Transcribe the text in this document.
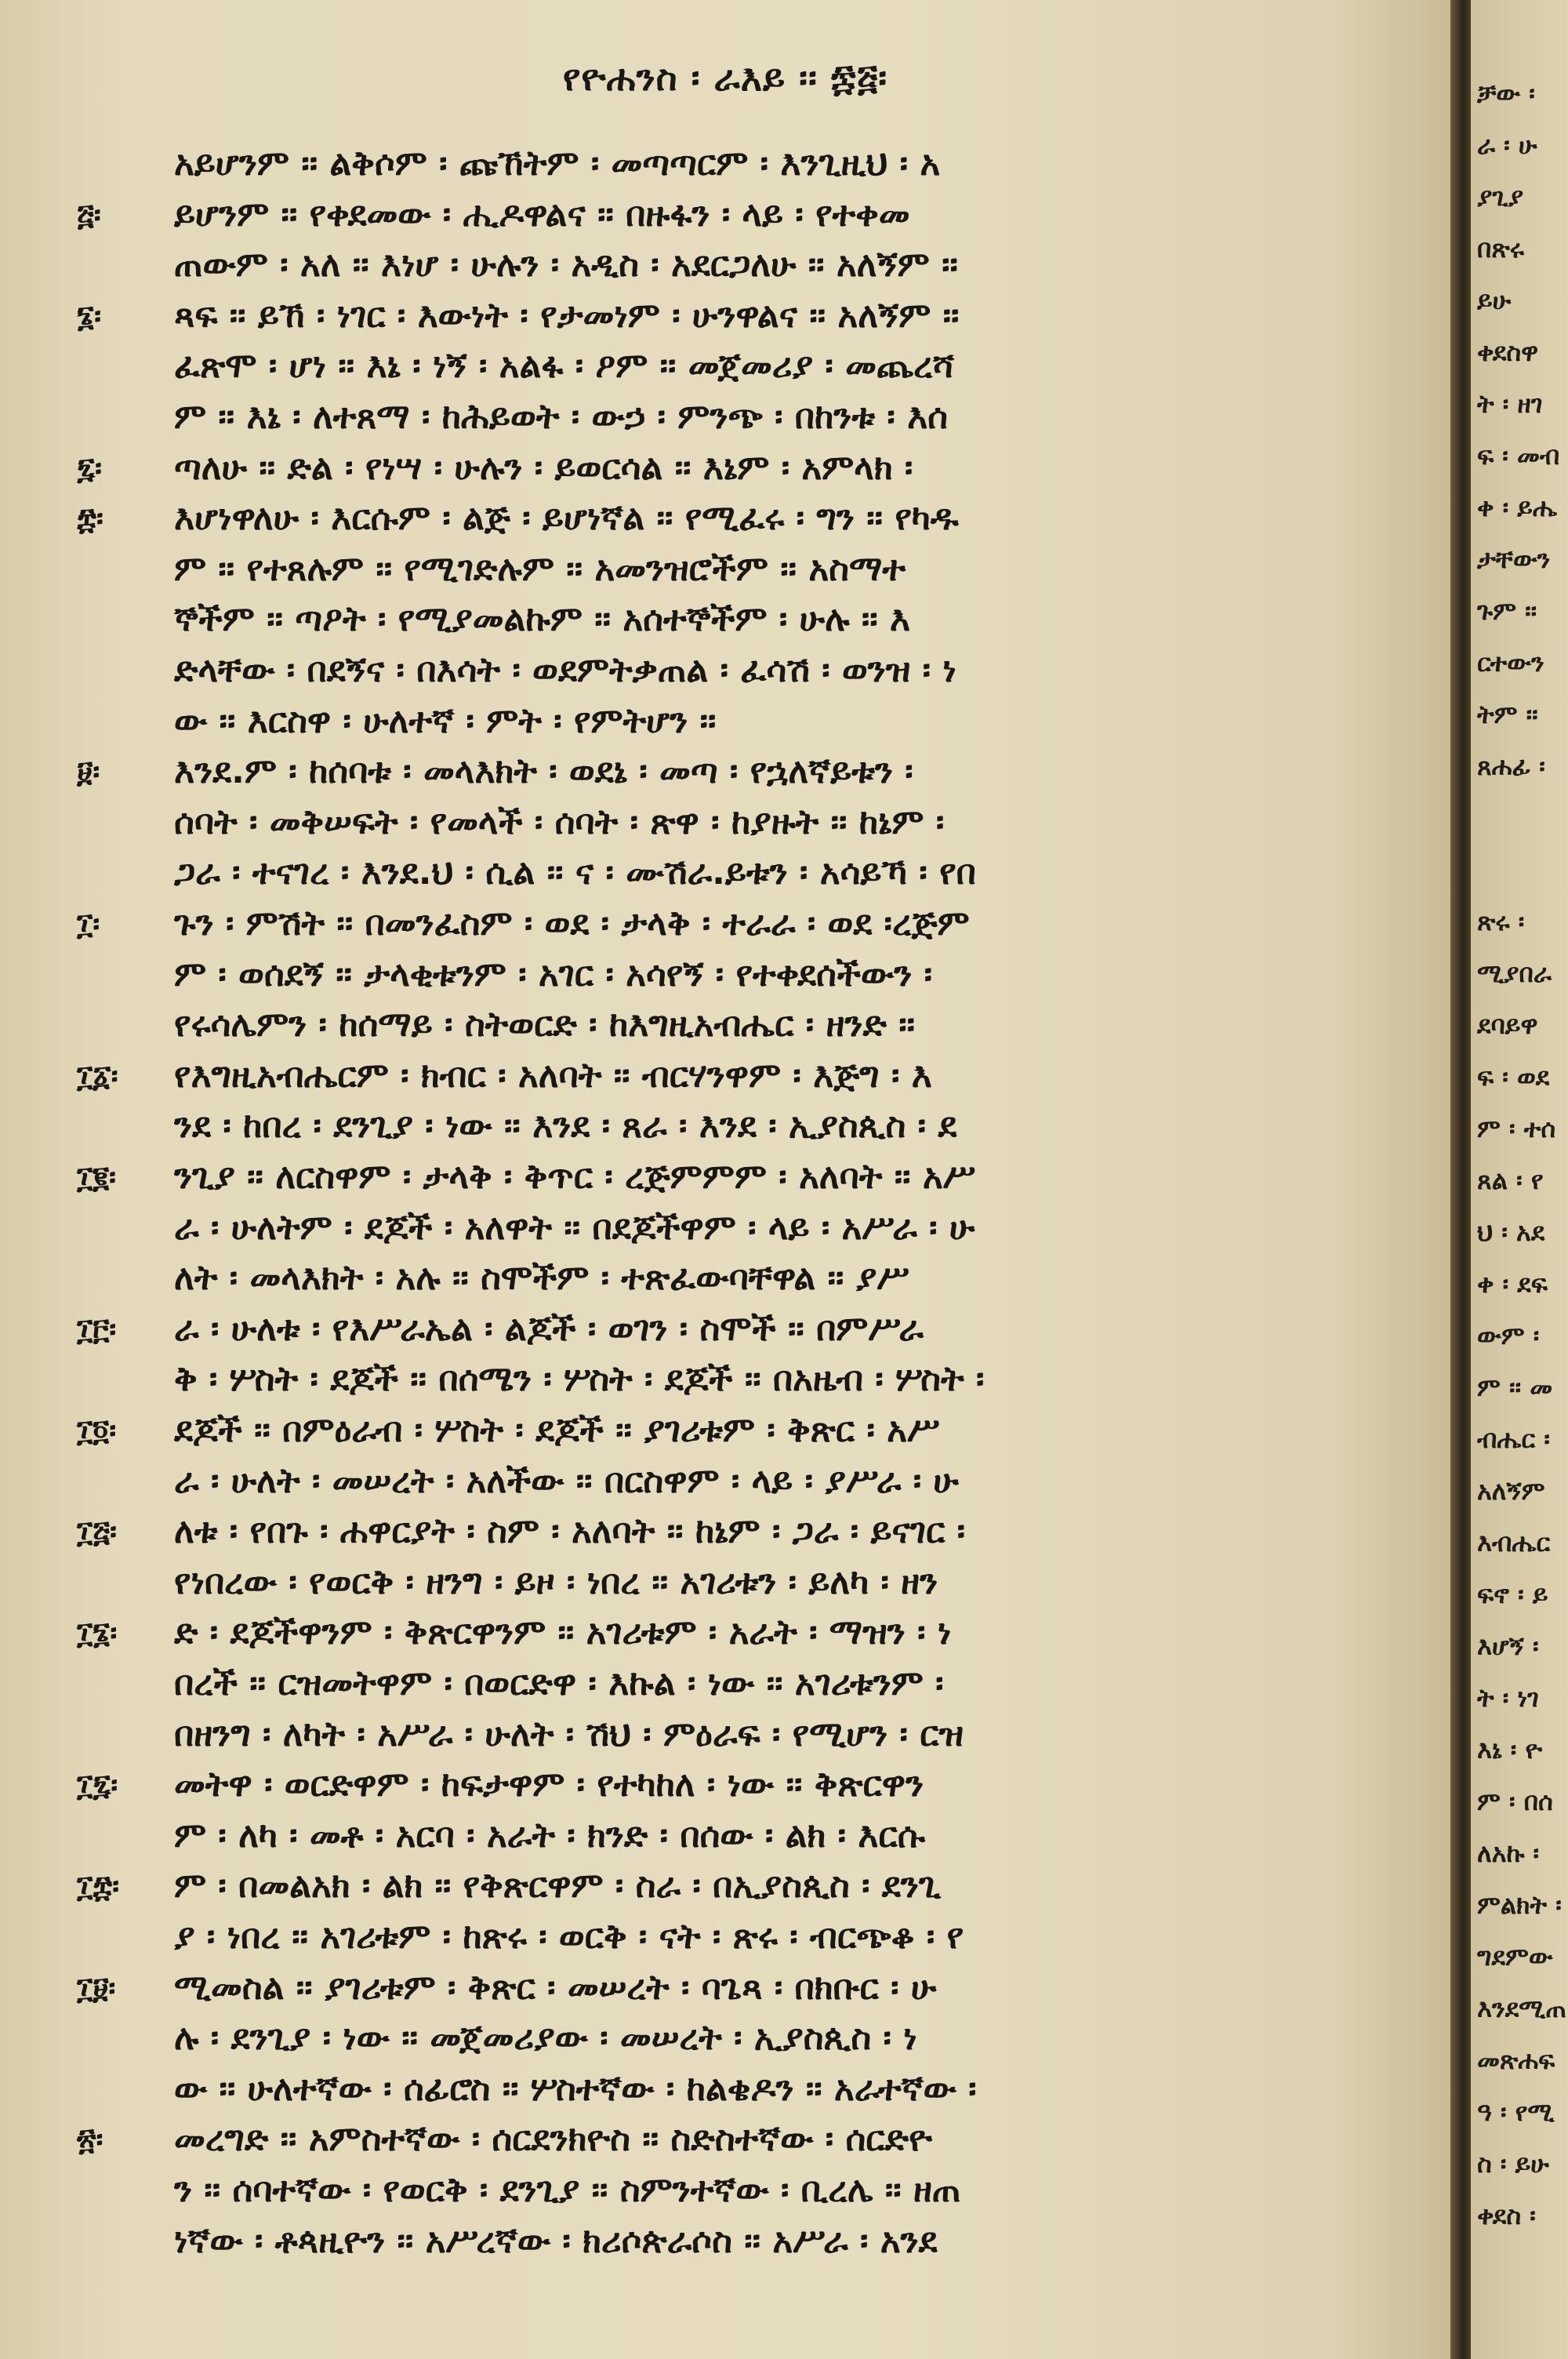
የዮሐንስ ፡ ራእይ ፡፡ ፷፭፡
፭፡
፮፡
፯፡
፰፡
፱፡
፲፡
፲፩፡
፲፪፡
፲፫፡
፲፬፡
፲፭፡
፲፮፡
፲፯፡
፲፰፡
፲፱፡
፳፡
አይሆንም ፡፡ ልቅሶም ፡ ጩኸትም ፡ መጣጣርም ፡ እንጊዚህ ፡ አ
ይሆንም ፡፡ የቀደመው ፡ ሒዶዋልና ፡፡ በዙፋን ፡ ላይ ፡ የተቀመ
ጠውም ፡ አለ ፡፡ እነሆ ፡ ሁሉን ፡ አዲስ ፡ አደርጋለሁ ፡፡ አለኝም ፡፡
ጻፍ ፡፡ ይኸ ፡ ነገር ፡ እውነት ፡ የታመነም ፡ ሁንዋልና ፡፡ አለኝም ፡፡
ፈጽሞ ፡ ሆነ ፡፡ እኔ ፡ ነኝ ፡ አልፋ ፡ ዖም ፡፡ መጀመሪያ ፡ መጨረሻ
ም ፡፡ እኔ ፡ ለተጸማ ፡ ከሕይወት ፡ ውኃ ፡ ምንጭ ፡ በከንቱ ፡ እሰ
ጣለሁ ፡፡ ድል ፡ የነሣ ፡ ሁሉን ፡ ይወርሳል ፡፡ እኔም ፡ አምላክ ፡
እሆነዋለሁ ፡ እርሱም ፡ ልጅ ፡ ይሆነኛል ፡፡ የሚፈሩ ፡ ግን ፡፡ የካዱ
ም ፡፡ የተጸሉም ፡፡ የሚገድሉም ፡፡ አመንዝሮችም ፡፡ አስማተ
ኞችም ፡፡ ጣዖት ፡ የሚያመልኩም ፡፡ አሰተኞችም ፡ ሁሉ ፡፡ እ
ድላቸው ፡ በደኝና ፡ በእሳት ፡ ወደምትቃጠል ፡ ፈሳሽ ፡ ወንዝ ፡ ነ
ው ፡፡ እርስዋ ፡ ሁለተኛ ፡ ምት ፡ የምትሆን ፡፡
እንደ.ም ፡ ከሰባቱ ፡ መላእክት ፡ ወደኔ ፡ መጣ ፡ የኋለኛይቱን ፡
ሰባት ፡ መቅሠፍት ፡ የመላች ፡ ሰባት ፡ ጽዋ ፡ ከያዙት ፡፡ ከኔም ፡
ጋራ ፡ ተናገረ ፡ እንደ.ህ ፡ ሲል ፡፡ ና ፡ ሙሽራ.ይቱን ፡ አሳይኻ ፡ የበ
ጉን ፡ ምሽት ፡፡ በመንፈስም ፡ ወደ ፡ ታላቅ ፡ ተራራ ፡ ወደ ፡ረጅም
ም ፡ ወሰደኝ ፡፡ ታላቂቱንም ፡ አገር ፡ አሳየኝ ፡ የተቀደሰችውን ፡
የሩሳሌምን ፡ ከሰማይ ፡ ስትወርድ ፡ ከእግዚአብሔር ፡ ዘንድ ፡፡
የእግዚአብሔርም ፡ ክብር ፡ አለባት ፡፡ ብርሃንዋም ፡ እጅግ ፡ እ
ንደ ፡ ከበረ ፡ ደንጊያ ፡ ነው ፡፡ እንደ ፡ ጸራ ፡ እንደ ፡ ኢያስጲስ ፡ ደ
ንጊያ ፡፡ ለርስዋም ፡ ታላቅ ፡ ቅጥር ፡ ረጅምምም ፡ አለባት ፡፡ አሥ
ራ ፡ ሁለትም ፡ ደጆች ፡ አለዋት ፡፡ በደጆችዋም ፡ ላይ ፡ አሥራ ፡ ሁ
ለት ፡ መላእክት ፡ አሉ ፡፡ ስሞችም ፡ ተጽፈውባቸዋል ፡፡ ያሥ
ራ ፡ ሁለቱ ፡ የእሥራኤል ፡ ልጆች ፡ ወገን ፡ ስሞች ፡፡ በምሥራ
ቅ ፡ ሦስት ፡ ደጆች ፡፡ በሰሜን ፡ ሦስት ፡ ደጆች ፡፡ በአዜብ ፡ ሦስት ፡
ደጆች ፡፡ በምዕራብ ፡ ሦስት ፡ ደጆች ፡፡ ያገሪቱም ፡ ቅጽር ፡ አሥ
ራ ፡ ሁለት ፡ መሠረት ፡ አለችው ፡፡ በርስዋም ፡ ላይ ፡ ያሥራ ፡ ሁ
ለቱ ፡ የበጉ ፡ ሐዋርያት ፡ ስም ፡ አለባት ፡፡ ከኔም ፡ ጋራ ፡ ይናገር ፡
የነበረው ፡ የወርቅ ፡ ዘንግ ፡ ይዞ ፡ ነበረ ፡፡ አገሪቱን ፡ ይለካ ፡ ዘን
ድ ፡ ደጆችዋንም ፡ ቅጽርዋንም ፡፡ አገሪቱም ፡ አራት ፡ ማዝን ፡ ነ
በረች ፡፡ ርዝመትዋም ፡ በወርድዋ ፡ እኩል ፡ ነው ፡፡ አገሪቱንም ፡
በዘንግ ፡ ለካት ፡ አሥራ ፡ ሁለት ፡ ሽህ ፡ ምዕራፍ ፡ የሚሆን ፡ ርዝ
መትዋ ፡ ወርድዋም ፡ ከፍታዋም ፡ የተካከለ ፡ ነው ፡፡ ቅጽርዋን
ም ፡ ለካ ፡ መቶ ፡ አርባ ፡ አራት ፡ ክንድ ፡ በሰው ፡ ልክ ፡ እርሱ
ም ፡ በመልአክ ፡ ልክ ፡፡ የቅጽርዋም ፡ ስራ ፡ በኢያስጲስ ፡ ደንጊ
ያ ፡ ነበረ ፡፡ አገሪቱም ፡ ከጽሩ ፡ ወርቅ ፡ ናት ፡ ጽሩ ፡ ብርጭቆ ፡ የ
ሚመስል ፡፡ ያገሪቱም ፡ ቅጽር ፡ መሠረት ፡ ባጌጻ ፡ በክቡር ፡ ሁ
ሉ ፡ ደንጊያ ፡ ነው ፡፡ መጀመሪያው ፡ መሠረት ፡ ኢያስጲስ ፡ ነ
ው ፡፡ ሁለተኛው ፡ ሰፊሮስ ፡፡ ሦስተኛው ፡ ከልቄዶን ፡፡ አራተኛው ፡
መረግድ ፡፡ አምስተኛው ፡ ሰርደንክዮስ ፡፡ ስድስተኛው ፡ ሰርድዮ
ን ፡፡ ሰባተኛው ፡ የወርቅ ፡ ደንጊያ ፡፡ ስምንተኛው ፡ ቢረሌ ፡፡ ዘጠ
ነኛው ፡ ቶጳዚዮን ፡፡ አሥረኛው ፡ ክሪሶጵራሶስ ፡፡ አሥራ ፡ አንደ
ቻው ፡
ራ ፡ ሁ
ያጊያ
በጽሩ
ይሁ
ቀደስዋ
ት ፡ ዘገ
ፍ ፡ መብ
ቀ ፡ ይሔ
ታቸውን
ጉም ፡፡
ርተውን
ትም ፡፡
ጸሐፊ ፡
ጽሩ ፡
ሚያበራ
ደባይዋ
ፍ ፡ ወደ
ም ፡ ተሰ
ጸል ፡ የ
ህ ፡ አደ
ቀ ፡ ደፍ
ውም ፡
ም ፡፡ መ
ብሔር ፡
አለኝም
እብሔር
ፍኖ ፡ ይ
እሆኝ ፡
ት ፡ ነገ
እኔ ፡ ዮ
ም ፡ በሰ
ለአኩ ፡
ምልክት ፡
ግደምው
እንደሚጠ
መጽሐፍ
ዓ ፡ የሚ
ስ ፡ ይሁ
ቀደስ ፡
